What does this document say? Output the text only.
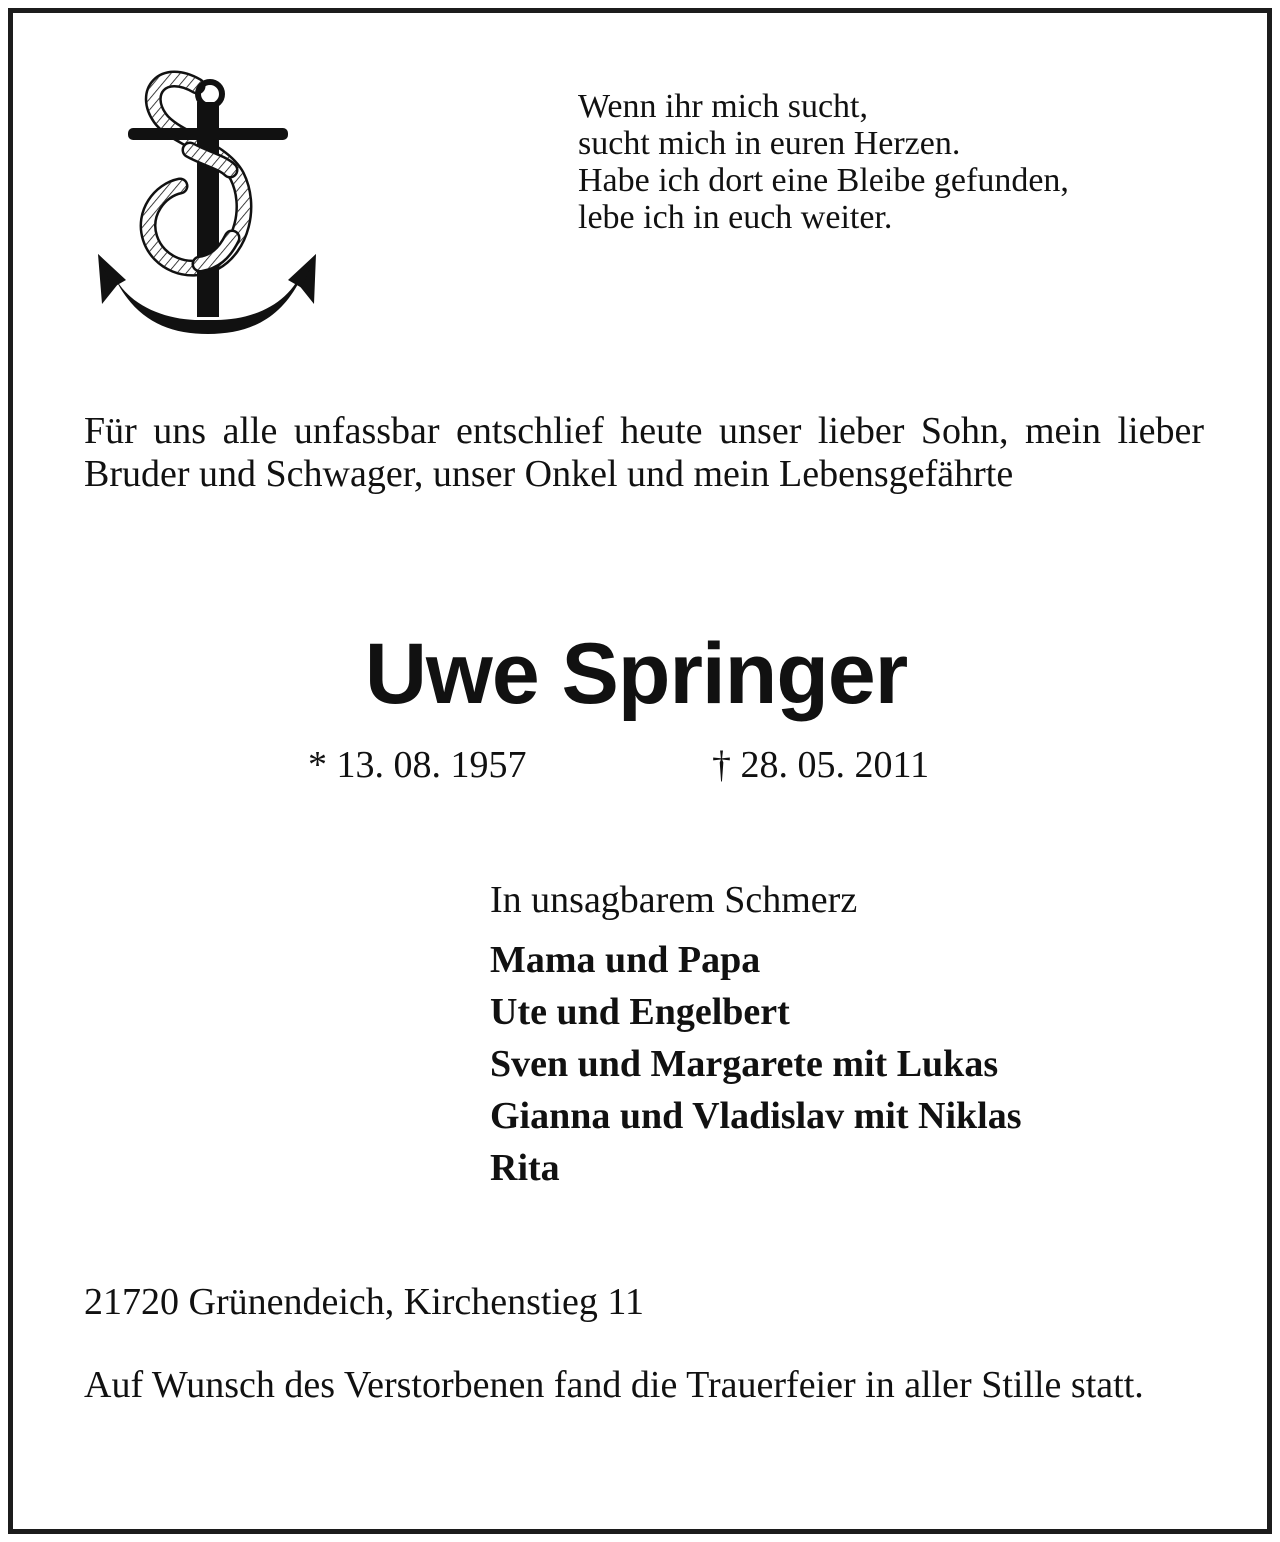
Wenn ihr mich sucht,
sucht mich in euren Herzen.
Habe ich dort eine Bleibe gefunden,
lebe ich in euch weiter.
Für uns alle unfassbar entschlief heute unser lieber Sohn, mein lieber Bruder und Schwager, unser Onkel und mein Lebensgefährte
Uwe Springer
* 13. 08. 1957	† 28. 05. 2011
In unsagbarem Schmerz
Mama und Papa
Ute und Engelbert
Sven und Margarete mit Lukas
Gianna und Vladislav mit Niklas
Rita
21720 Grünendeich, Kirchenstieg 11
Auf Wunsch des Verstorbenen fand die Trauerfeier in aller Stille statt.
